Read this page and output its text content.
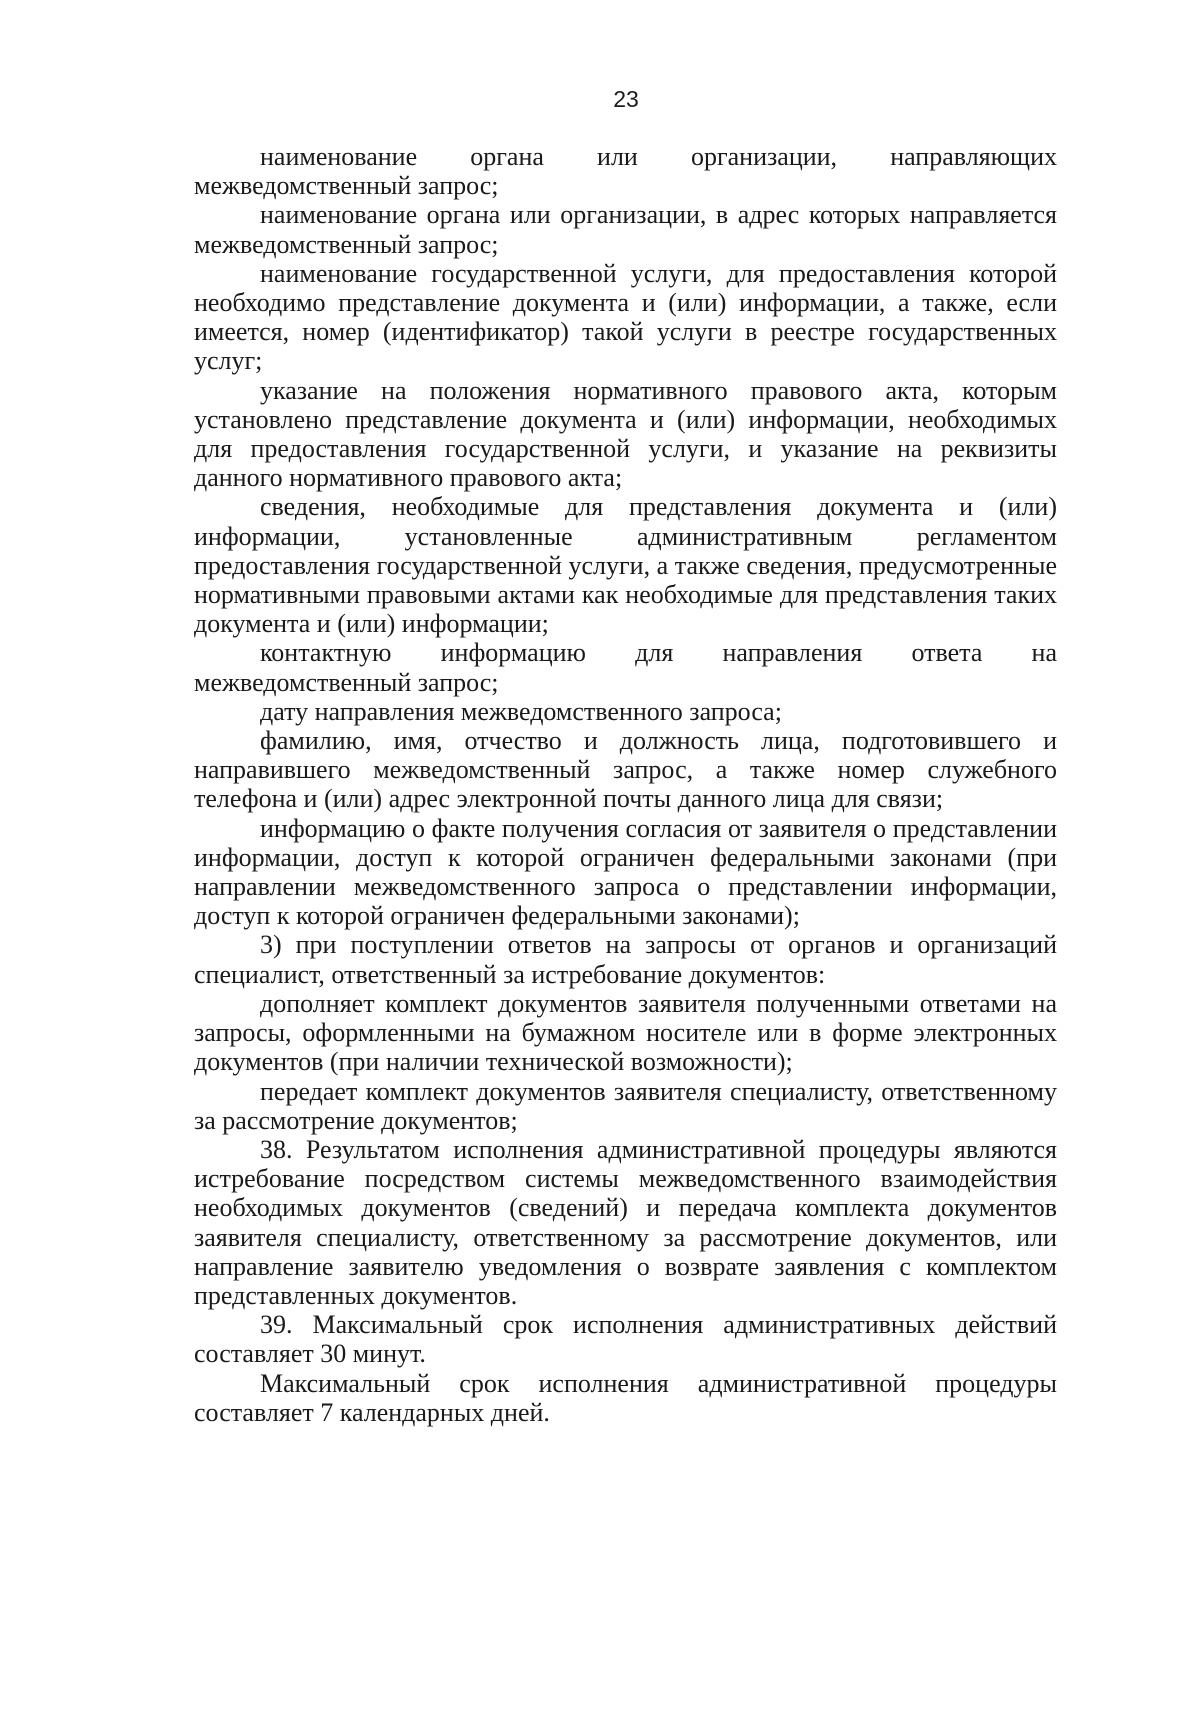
23

наименование органа или организации, направляющих межведомственный запрос;

наименование органа или организации, в адрес которых направляется межведомственный запрос;

наименование государственной услуги, для предоставления которой необходимо представление документа и (или) информации, а также, если имеется, номер (идентификатор) такой услуги в реестре государственных услуг;

указание на положения нормативного правового акта, которым установлено представление документа и (или) информации, необходимых для предоставления государственной услуги, и указание на реквизиты данного нормативного правового акта;

сведения, необходимые для представления документа и (или) информации, установленные административным регламентом предоставления государственной услуги, а также сведения, предусмотренные нормативными правовыми актами как необходимые для представления таких документа и (или) информации;

контактную информацию для направления ответа на межведомственный запрос;

дату направления межведомственного запроса;

фамилию, имя, отчество и должность лица, подготовившего и направившего межведомственный запрос, а также номер служебного телефона и (или) адрес электронной почты данного лица для связи;

информацию о факте получения согласия от заявителя о представлении информации, доступ к которой ограничен федеральными законами (при направлении межведомственного запроса о представлении информации, доступ к которой ограничен федеральными законами);

3) при поступлении ответов на запросы от органов и организаций специалист, ответственный за истребование документов:

дополняет комплект документов заявителя полученными ответами на запросы, оформленными на бумажном носителе или в форме электронных документов (при наличии технической возможности);

передает комплект документов заявителя специалисту, ответственному за рассмотрение документов;

38. Результатом исполнения административной процедуры являются истребование посредством системы межведомственного взаимодействия необходимых документов (сведений) и передача комплекта документов заявителя специалисту, ответственному за рассмотрение документов, или направление заявителю уведомления о возврате заявления с комплектом представленных документов.

39. Максимальный срок исполнения административных действий составляет 30 минут.

Максимальный срок исполнения административной процедуры составляет 7 календарных дней.
